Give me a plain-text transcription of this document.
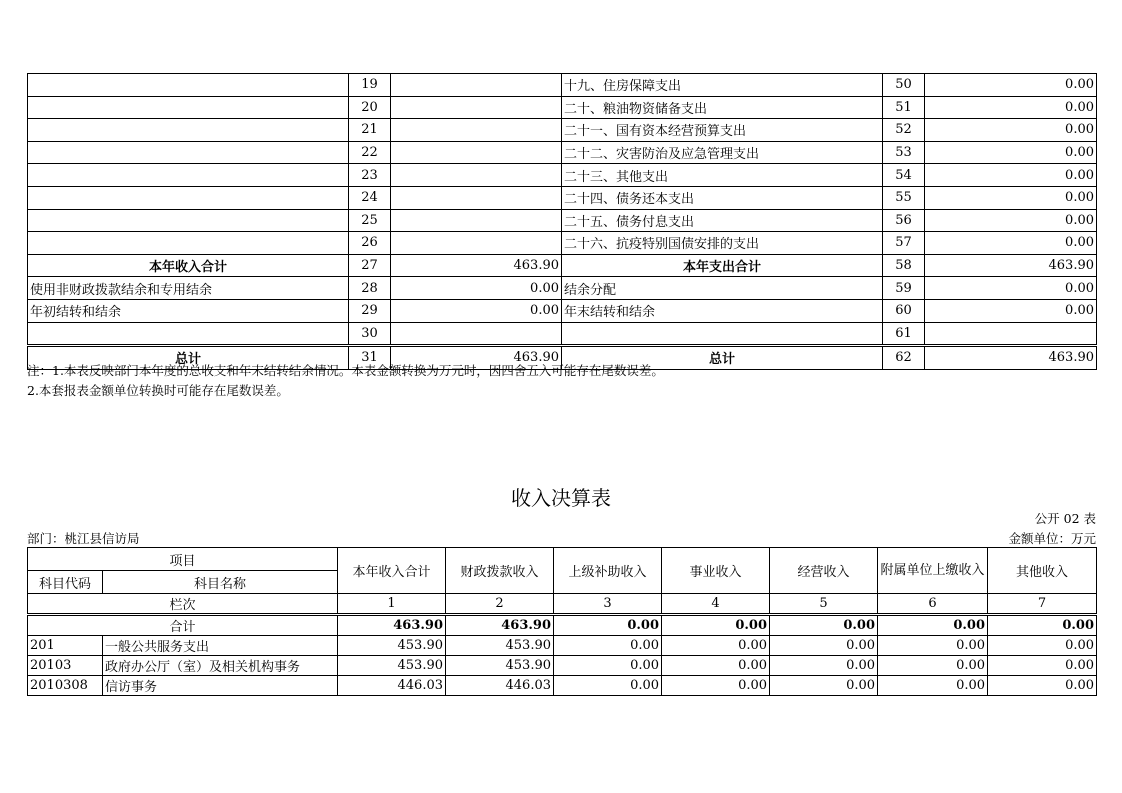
	19		十九、住房保障支出	50	0.00
	20		二十、粮油物资储备支出	51	0.00
	21		二十一、国有资本经营预算支出	52	0.00
	22		二十二、灾害防治及应急管理支出	53	0.00
	23		二十三、其他支出	54	0.00
	24		二十四、债务还本支出	55	0.00
	25		二十五、债务付息支出	56	0.00
	26		二十六、抗疫特别国债安排的支出	57	0.00
本年收入合计	27	463.90	本年支出合计	58	463.90
使用非财政拨款结余和专用结余	28	0.00	结余分配	59	0.00
年初结转和结余	29	0.00	年末结转和结余	60	0.00
	30			61	
总计	31	463.90	总计	62	463.90
注：1.本表反映部门本年度的总收支和年末结转结余情况。本表金额转换为万元时，因四舍五入可能存在尾数误差。
2.本套报表金额单位转换时可能存在尾数误差。
收入决算表
公开 02 表
部门：桃江县信访局	金额单位：万元
项目		本年收入合计	财政拨款收入	上级补助收入	事业收入	经营收入	附属单位上缴收入	其他收入
科目代码	科目名称							
栏次		1	2	3	4	5	6	7
合计		463.90	463.90	0.00	0.00	0.00	0.00	0.00
201	一般公共服务支出	453.90	453.90	0.00	0.00	0.00	0.00	0.00
20103	政府办公厅（室）及相关机构事务	453.90	453.90	0.00	0.00	0.00	0.00	0.00
2010308	信访事务	446.03	446.03	0.00	0.00	0.00	0.00	0.00
